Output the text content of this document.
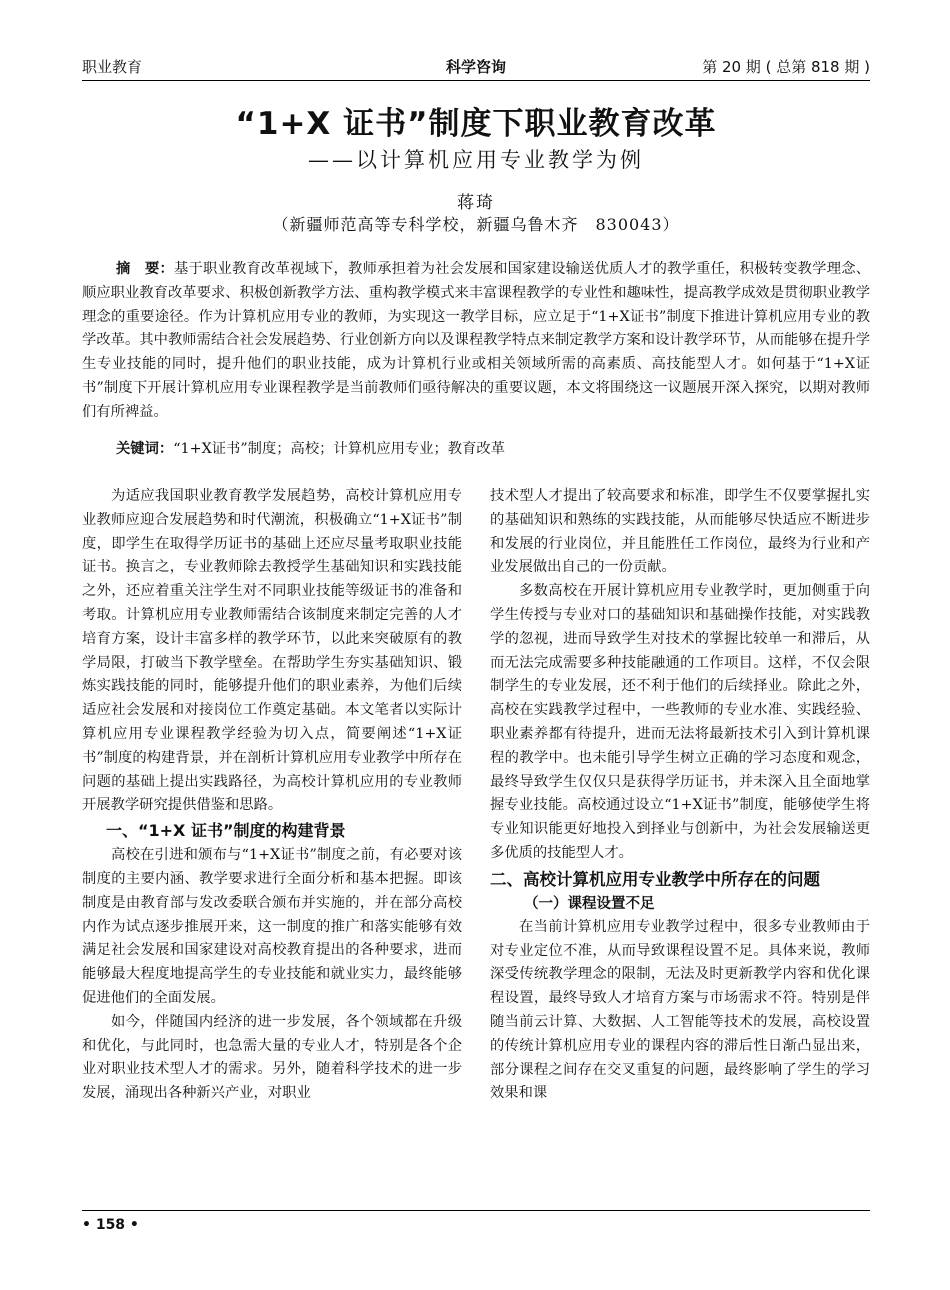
职业教育	科学咨询	第 20 期 ( 总第 818 期 )
“1+X 证书”制度下职业教育改革
——以计算机应用专业教学为例
蒋琦
（新疆师范高等专科学校，新疆乌鲁木齐　830043）
摘　要：基于职业教育改革视域下，教师承担着为社会发展和国家建设输送优质人才的教学重任，积极转变教学理念、顺应职业教育改革要求、积极创新教学方法、重构教学模式来丰富课程教学的专业性和趣味性，提高教学成效是贯彻职业教学理念的重要途径。作为计算机应用专业的教师，为实现这一教学目标，应立足于“1+X证书”制度下推进计算机应用专业的教学改革。其中教师需结合社会发展趋势、行业创新方向以及课程教学特点来制定教学方案和设计教学环节，从而能够在提升学生专业技能的同时，提升他们的职业技能，成为计算机行业或相关领域所需的高素质、高技能型人才。如何基于“1+X证书”制度下开展计算机应用专业课程教学是当前教师们亟待解决的重要议题，本文将围绕这一议题展开深入探究，以期对教师们有所裨益。
关键词：“1+X证书”制度；高校；计算机应用专业；教育改革

为适应我国职业教育教学发展趋势，高校计算机应用专业教师应迎合发展趋势和时代潮流，积极确立“1+X证书”制度，即学生在取得学历证书的基础上还应尽量考取职业技能证书。换言之，专业教师除去教授学生基础知识和实践技能之外，还应着重关注学生对不同职业技能等级证书的准备和考取。计算机应用专业教师需结合该制度来制定完善的人才培育方案，设计丰富多样的教学环节，以此来突破原有的教学局限，打破当下教学壁垒。在帮助学生夯实基础知识、锻炼实践技能的同时，能够提升他们的职业素养，为他们后续适应社会发展和对接岗位工作奠定基础。本文笔者以实际计算机应用专业课程教学经验为切入点，简要阐述“1+X证书”制度的构建背景，并在剖析计算机应用专业教学中所存在问题的基础上提出实践路径，为高校计算机应用的专业教师开展教学研究提供借鉴和思路。

一、“1+X 证书”制度的构建背景

高校在引进和颁布与“1+X证书”制度之前，有必要对该制度的主要内涵、教学要求进行全面分析和基本把握。即该制度是由教育部与发改委联合颁布并实施的，并在部分高校内作为试点逐步推展开来，这一制度的推广和落实能够有效满足社会发展和国家建设对高校教育提出的各种要求，进而能够最大程度地提高学生的专业技能和就业实力，最终能够促进他们的全面发展。

如今，伴随国内经济的进一步发展，各个领域都在升级和优化，与此同时，也急需大量的专业人才，特别是各个企业对职业技术型人才的需求。另外，随着科学技术的进一步发展，涌现出各种新兴产业，对职业

技术型人才提出了较高要求和标准，即学生不仅要掌握扎实的基础知识和熟练的实践技能，从而能够尽快适应不断进步和发展的行业岗位，并且能胜任工作岗位，最终为行业和产业发展做出自己的一份贡献。

多数高校在开展计算机应用专业教学时，更加侧重于向学生传授与专业对口的基础知识和基础操作技能，对实践教学的忽视，进而导致学生对技术的掌握比较单一和滞后，从而无法完成需要多种技能融通的工作项目。这样，不仅会限制学生的专业发展，还不利于他们的后续择业。除此之外，高校在实践教学过程中，一些教师的专业水准、实践经验、职业素养都有待提升，进而无法将最新技术引入到计算机课程的教学中。也未能引导学生树立正确的学习态度和观念，最终导致学生仅仅只是获得学历证书，并未深入且全面地掌握专业技能。高校通过设立“1+X证书”制度，能够使学生将专业知识能更好地投入到择业与创新中，为社会发展输送更多优质的技能型人才。

二、高校计算机应用专业教学中所存在的问题
（一）课程设置不足

在当前计算机应用专业教学过程中，很多专业教师由于对专业定位不准，从而导致课程设置不足。具体来说，教师深受传统教学理念的限制，无法及时更新教学内容和优化课程设置，最终导致人才培育方案与市场需求不符。特别是伴随当前云计算、大数据、人工智能等技术的发展，高校设置的传统计算机应用专业的课程内容的滞后性日渐凸显出来，部分课程之间存在交叉重复的问题，最终影响了学生的学习效果和课

• 158 •
